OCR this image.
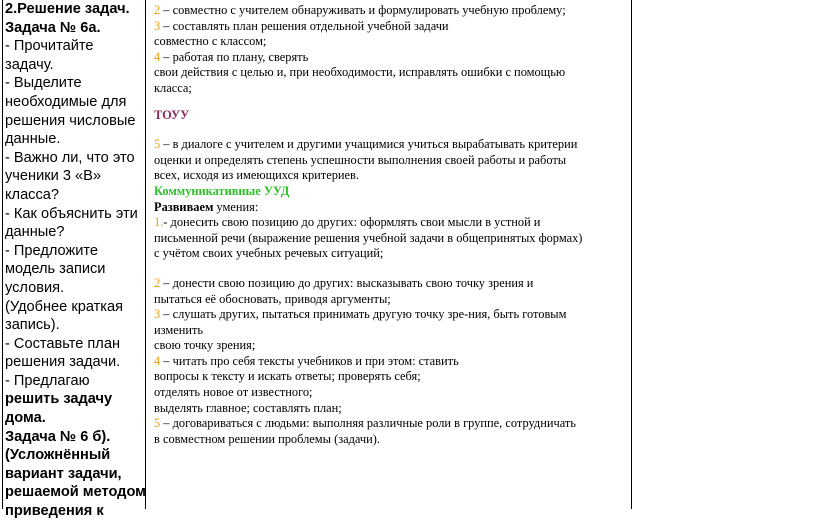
2.Решение задач.
Задача № 6а.
- Прочитайте
задачу.
- Выделите
необходимые для
решения числовые
данные.
- Важно ли, что это
ученики 3 «В»
класса?
- Как объяснить эти
данные?
- Предложите
модель записи
условия.
(Удобнее краткая
запись).
- Составьте план
решения задачи.
- Предлагаю
решить задачу
дома.
Задача № 6 б).
(Усложнённый
вариант задачи,
решаемой методом
приведения к
2 – совместно с учителем обнаруживать и формулировать учебную проблему;
3 – составлять план решения отдельной учебной задачи
совместно с классом;
4 – работая по плану, сверять
свои действия с целью и, при необходимости, исправлять ошибки с помощью
класса;
ТОУУ
5 – в диалоге с учителем и другими учащимися учиться вырабатывать критерии
оценки и определять степень успешности выполнения своей работы и работы
всех, исходя из имеющихся критериев.
Коммуникативные УУД
Развиваем умения:
1.- донесить свою позицию до других: оформлять свои мысли в устной и
письменной речи (выражение решения учебной задачи в общепринятых формах)
с учётом своих учебных речевых ситуаций;
2 – донести свою позицию до других: высказывать свою точку зрения и
пытаться её обосновать, приводя аргументы;
3 – слушать других, пытаться принимать другую точку зре-ния, быть готовым
изменить
свою точку зрения;
4 – читать про себя тексты учебников и при этом: ставить
вопросы к тексту и искать ответы; проверять себя;
отделять новое от известного;
выделять главное; составлять план;
5 – договариваться с людьми: выполняя различные роли в группе, сотрудничать
в совместном решении проблемы (задачи).
